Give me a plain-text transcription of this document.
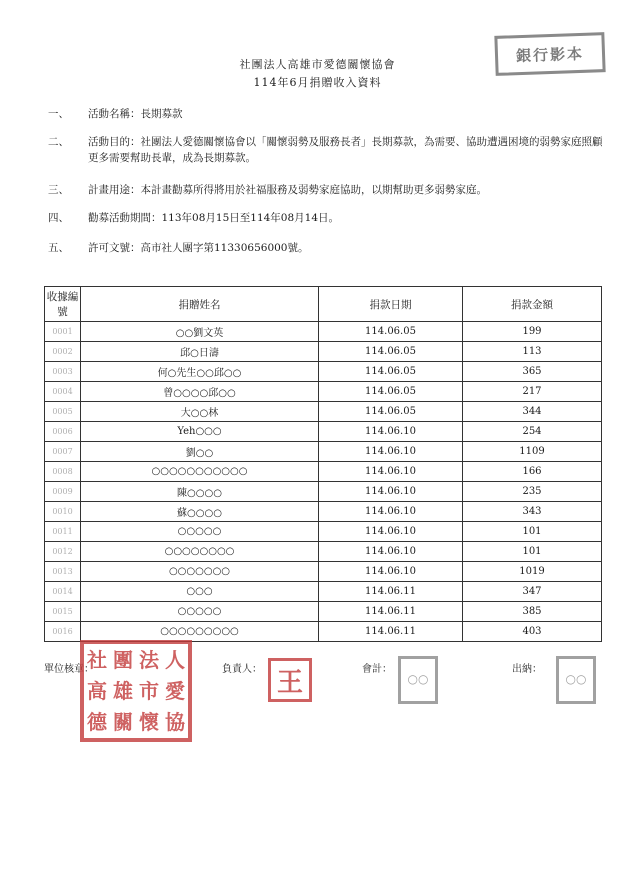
社團法人高雄市愛德關懷協會
114年6月捐贈收入資料
銀行影本
一、	活動名稱：長期募款
二、	活動目的：社團法人愛德關懷協會以「關懷弱勢及服務長者」長期募款，為需要、協助遭遇困境的弱勢家庭照顧更多需要幫助長輩，成為長期募款。
三、	計畫用途：本計畫勸募所得將用於社福服務及弱勢家庭協助，以期幫助更多弱勢家庭。
四、	勸募活動期間：113年08月15日至114年08月14日。
五、	許可文號：高市社人團字第11330656000號。
收據編號	捐贈姓名	捐款日期	捐款金額
0001	○○劉文英	114.06.05	199
0002	邱○日濤	114.06.05	113
0003	何○先生○○邱○○	114.06.05	365
0004	曾○○○○邱○○	114.06.05	217
0005	大○○林	114.06.05	344
0006	Yeh○○○	114.06.10	254
0007	劉○○	114.06.10	1109
0008	○○○○○○○○○○○	114.06.10	166
0009	陳○○○○	114.06.10	235
0010	蘇○○○○	114.06.10	343
0011	○○○○○	114.06.10	101
0012	○○○○○○○○	114.06.10	101
0013	○○○○○○○	114.06.10	1019
0014	○○○	114.06.11	347
0015	○○○○○	114.06.11	385
0016	○○○○○○○○○	114.06.11	403
單位核章：	負責人：	會計：	出納：
社 團 法 人
高 雄 市 愛
德 關 懷 協
王	○○	○○
